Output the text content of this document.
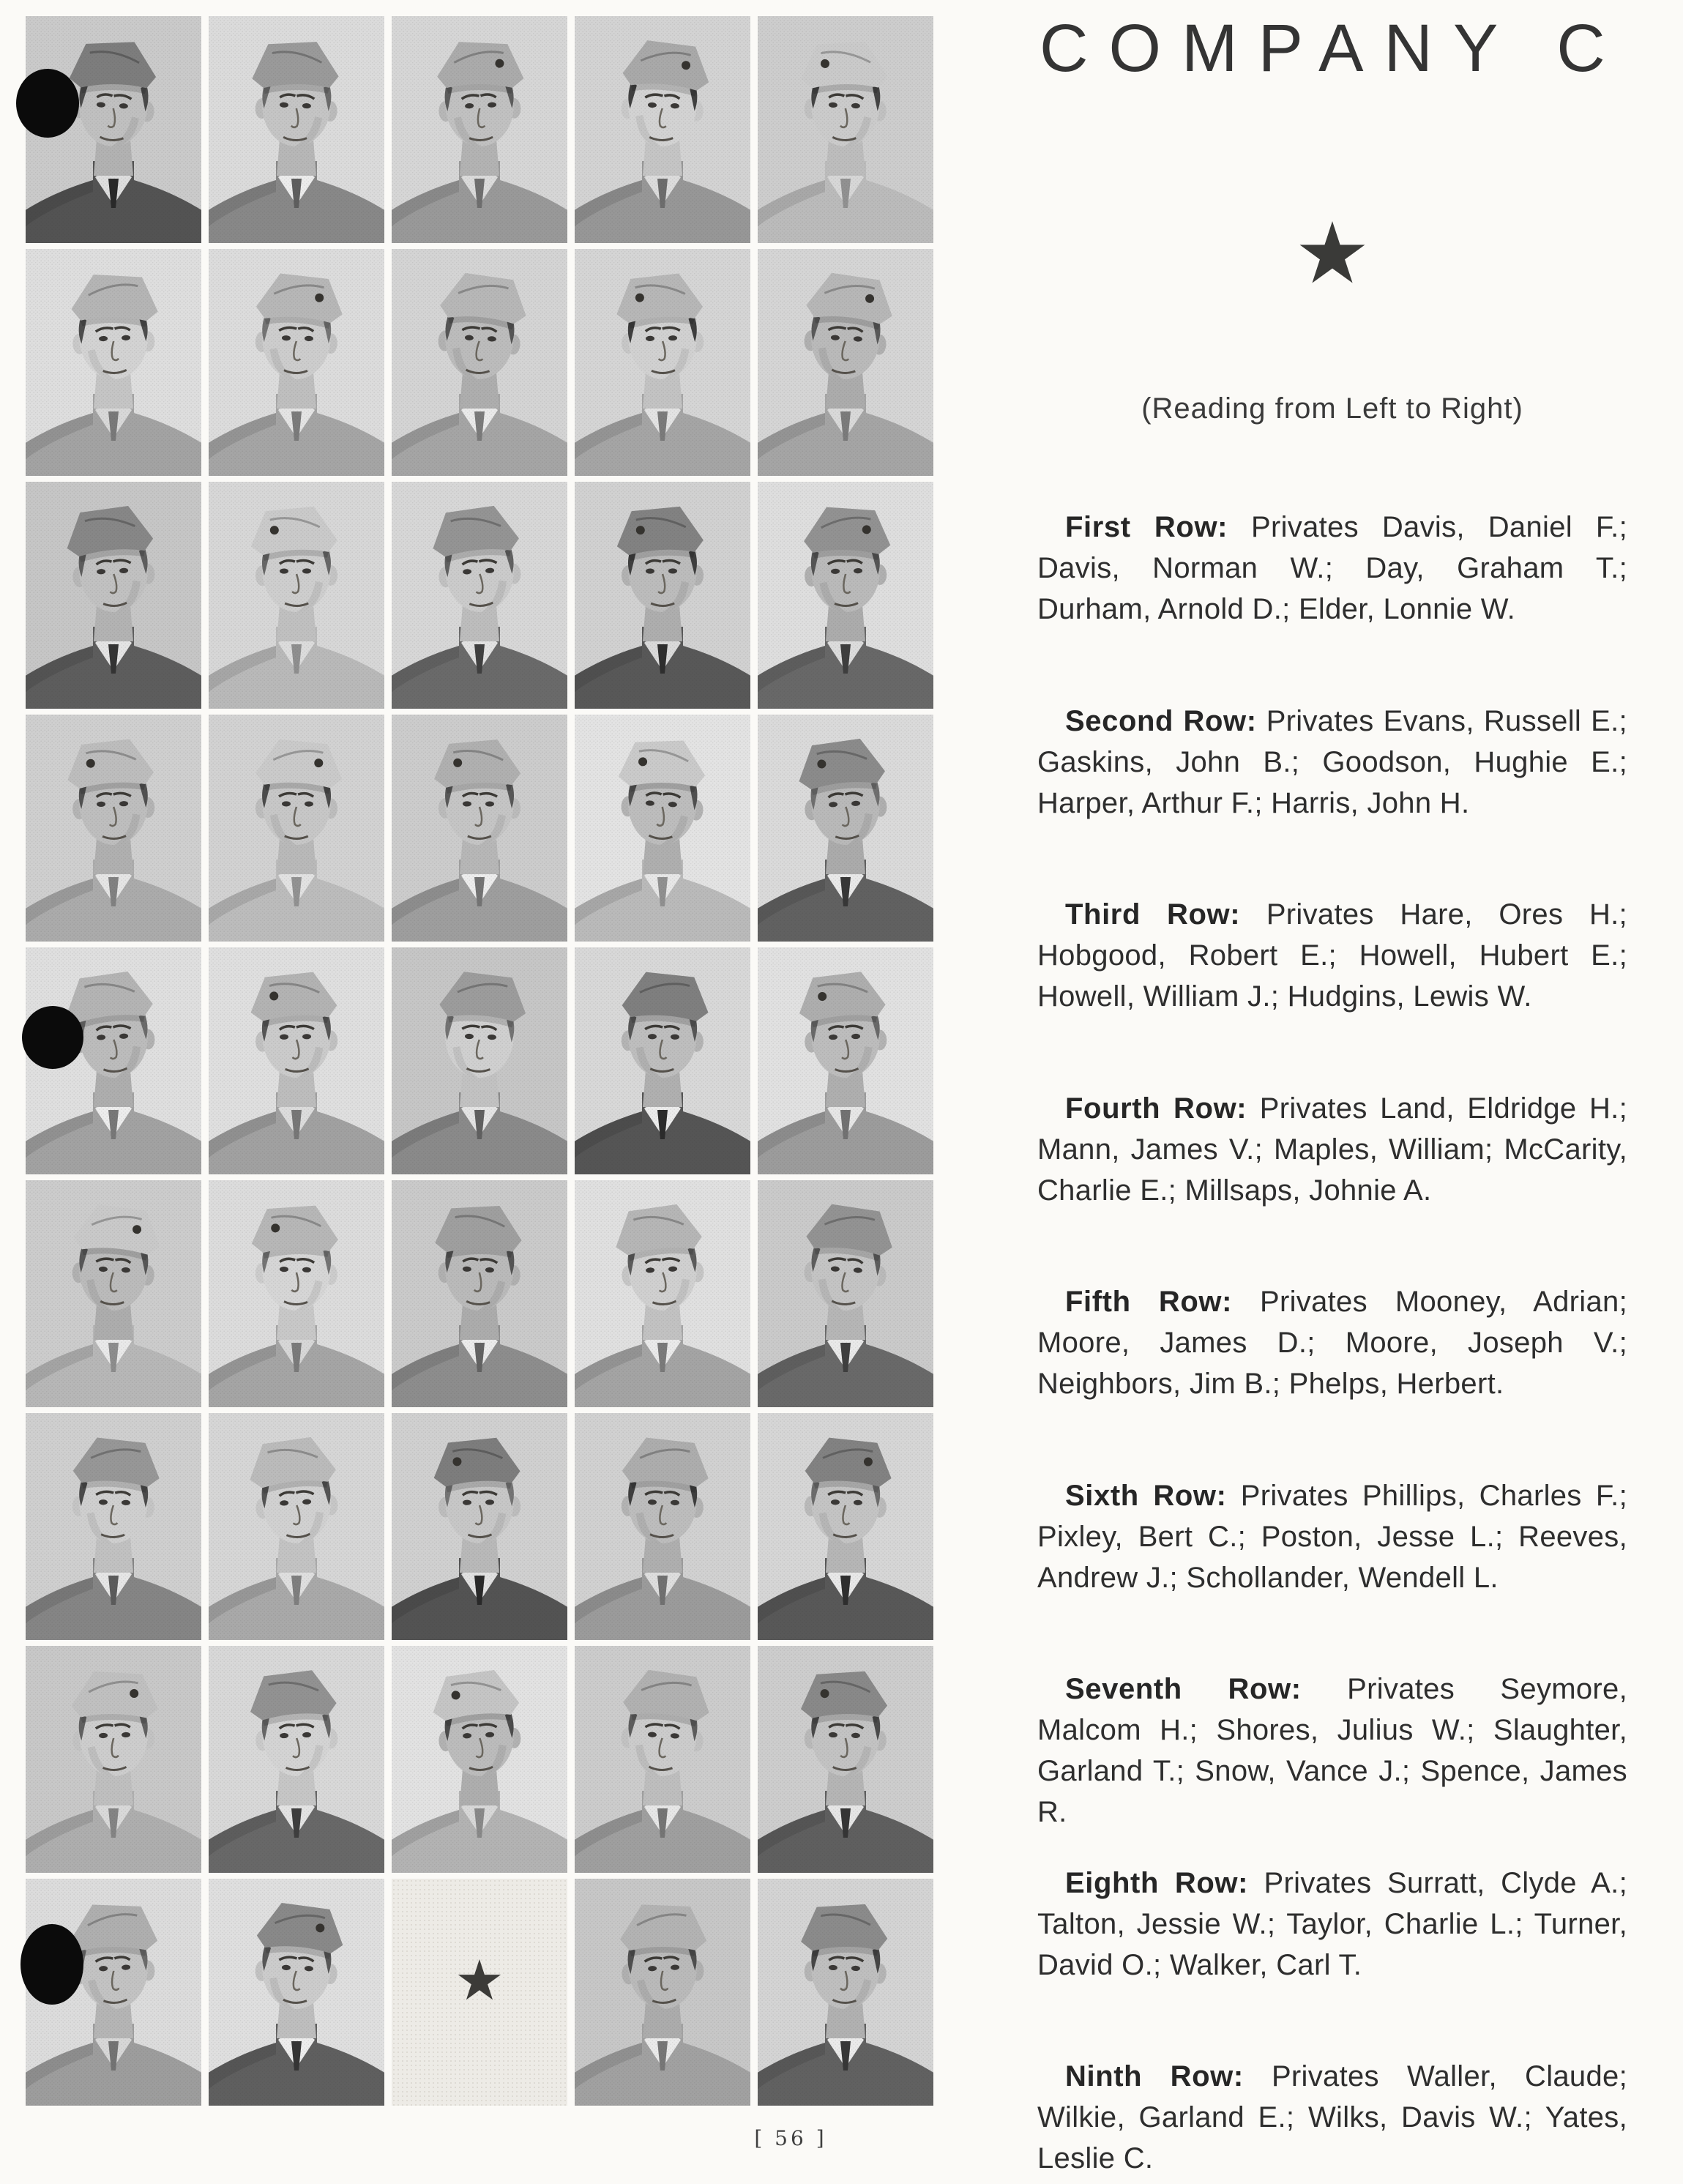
★
COMPANY C
★
(Reading from Left to Right)

First Row: Privates Davis, Daniel F.; Davis, Norman W.; Day, Graham T.; Durham, Arnold D.; Elder, Lonnie W.

Second Row: Privates Evans, Russell E.; Gaskins, John B.; Goodson, Hughie E.; Harper, Arthur F.; Harris, John H.

Third Row: Privates Hare, Ores H.; Hobgood, Robert E.; Howell, Hubert E.; Howell, William J.; Hudgins, Lewis W.

Fourth Row: Privates Land, Eldridge H.; Mann, James V.; Maples, William; McCarity, Charlie E.; Millsaps, Johnie A.

Fifth Row: Privates Mooney, Adrian; Moore, James D.; Moore, Joseph V.; Neighbors, Jim B.; Phelps, Herbert.

Sixth Row: Privates Phillips, Charles F.; Pixley, Bert C.; Poston, Jesse L.; Reeves, Andrew J.; Schollander, Wendell L.

Seventh Row: Privates Seymore, Malcom H.; Shores, Julius W.; Slaughter, Garland T.; Snow, Vance J.; Spence, James R.

Eighth Row: Privates Surratt, Clyde A.; Talton, Jessie W.; Taylor, Charlie L.; Turner, David O.; Walker, Carl T.

Ninth Row: Privates Waller, Claude; Wilkie, Garland E.; Wilks, Davis W.; Yates, Leslie C.

[ 56 ]
